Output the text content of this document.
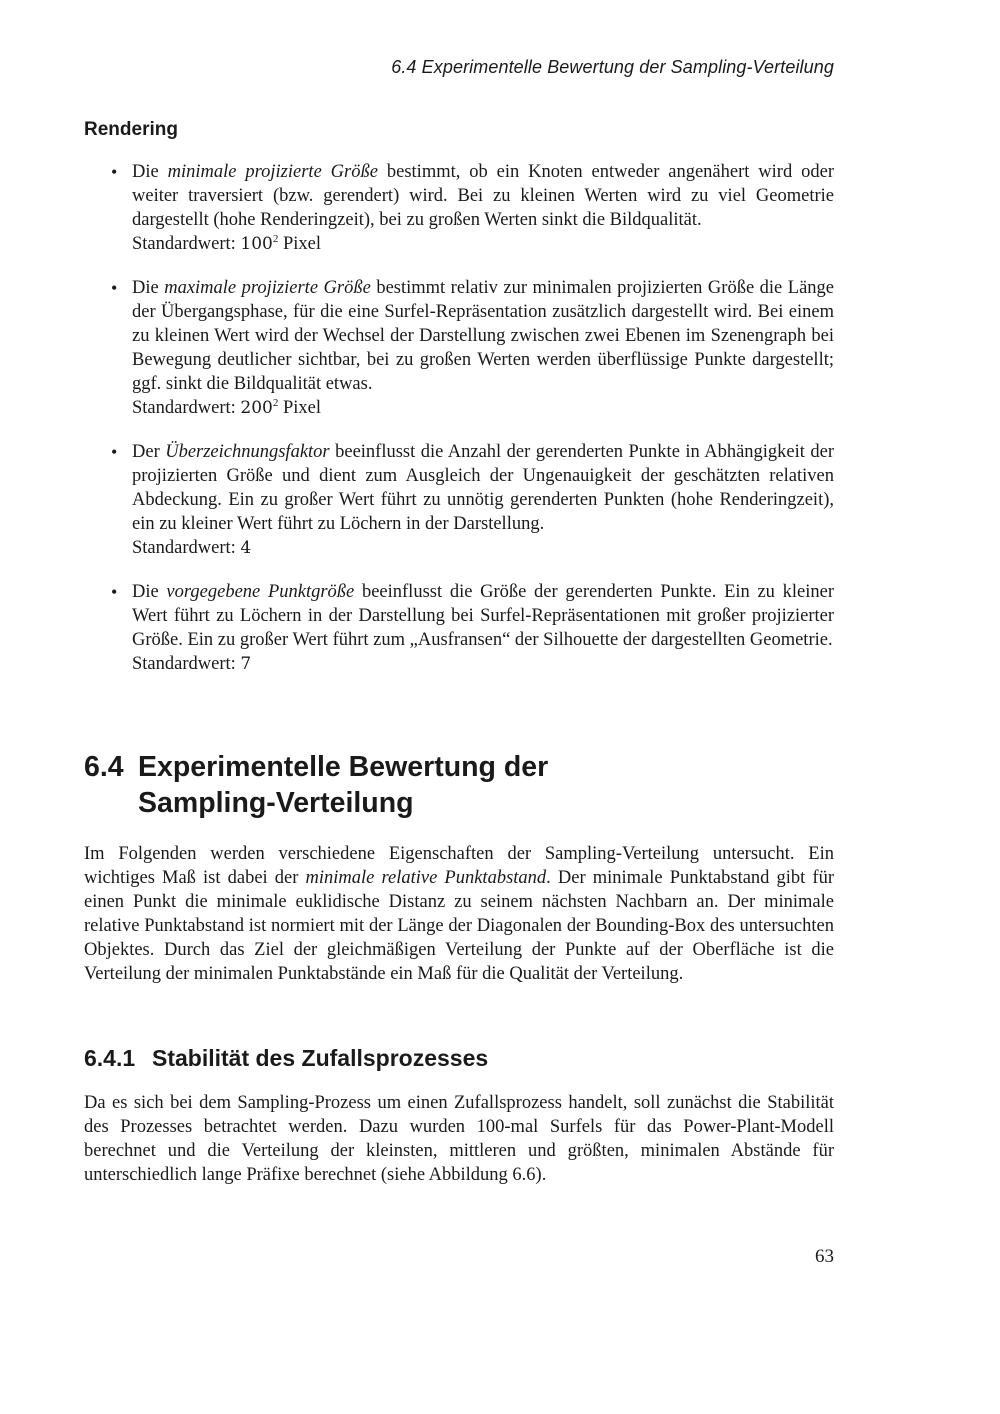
6.4 Experimentelle Bewertung der Sampling-Verteilung
Rendering
• Die minimale projizierte Größe bestimmt, ob ein Knoten entweder angenähert wird oder weiter traversiert (bzw. gerendert) wird. Bei zu kleinen Werten wird zu viel Geometrie dargestellt (hohe Renderingzeit), bei zu großen Werten sinkt die Bildqualität.

Standardwert: $100^2$ Pixel

• Die maximale projizierte Größe bestimmt relativ zur minimalen projizierten Größe die Länge der Übergangsphase, für die eine Surfel-Repräsentation zusätzlich dargestellt wird. Bei einem zu kleinen Wert wird der Wechsel der Darstellung zwischen zwei Ebenen im Szenengraph bei Bewegung deutlicher sichtbar, bei zu großen Werten werden überflüssige Punkte dargestellt; ggf. sinkt die Bildqualität etwas.

Standardwert: $200^2$ Pixel

• Der Überzeichnungsfaktor beeinflusst die Anzahl der gerenderten Punkte in Abhängigkeit der projizierten Größe und dient zum Ausgleich der Ungenauigkeit der geschätzten relativen Abdeckung. Ein zu großer Wert führt zu unnötig gerenderten Punkten (hohe Renderingzeit), ein zu kleiner Wert führt zu Löchern in der Darstellung.

Standardwert: 4

• Die vorgegebene Punktgröße beeinflusst die Größe der gerenderten Punkte. Ein zu kleiner Wert führt zu Löchern in der Darstellung bei Surfel-Repräsentationen mit großer projizierter Größe. Ein zu großer Wert führt zum „Ausfransen“ der Silhouette der dargestellten Geometrie.

Standardwert: 7

6.4 Experimentelle Bewertung der
Sampling-Verteilung

Im Folgenden werden verschiedene Eigenschaften der Sampling-Verteilung untersucht. Ein wichtiges Maß ist dabei der minimale relative Punktabstand. Der minimale Punktabstand gibt für einen Punkt die minimale euklidische Distanz zu seinem nächsten Nachbarn an. Der minimale relative Punktabstand ist normiert mit der Länge der Diagonalen der Bounding-Box des untersuchten Objektes. Durch das Ziel der gleichmäßigen Verteilung der Punkte auf der Oberfläche ist die Verteilung der minimalen Punktabstände ein Maß für die Qualität der Verteilung.

6.4.1 Stabilität des Zufallsprozesses

Da es sich bei dem Sampling-Prozess um einen Zufallsprozess handelt, soll zunächst die Stabilität des Prozesses betrachtet werden. Dazu wurden 100-mal Surfels für das Power-Plant-Modell berechnet und die Verteilung der kleinsten, mittleren und größten, minimalen Abstände für unterschiedlich lange Präfixe berechnet (siehe Abbildung 6.6).

63
